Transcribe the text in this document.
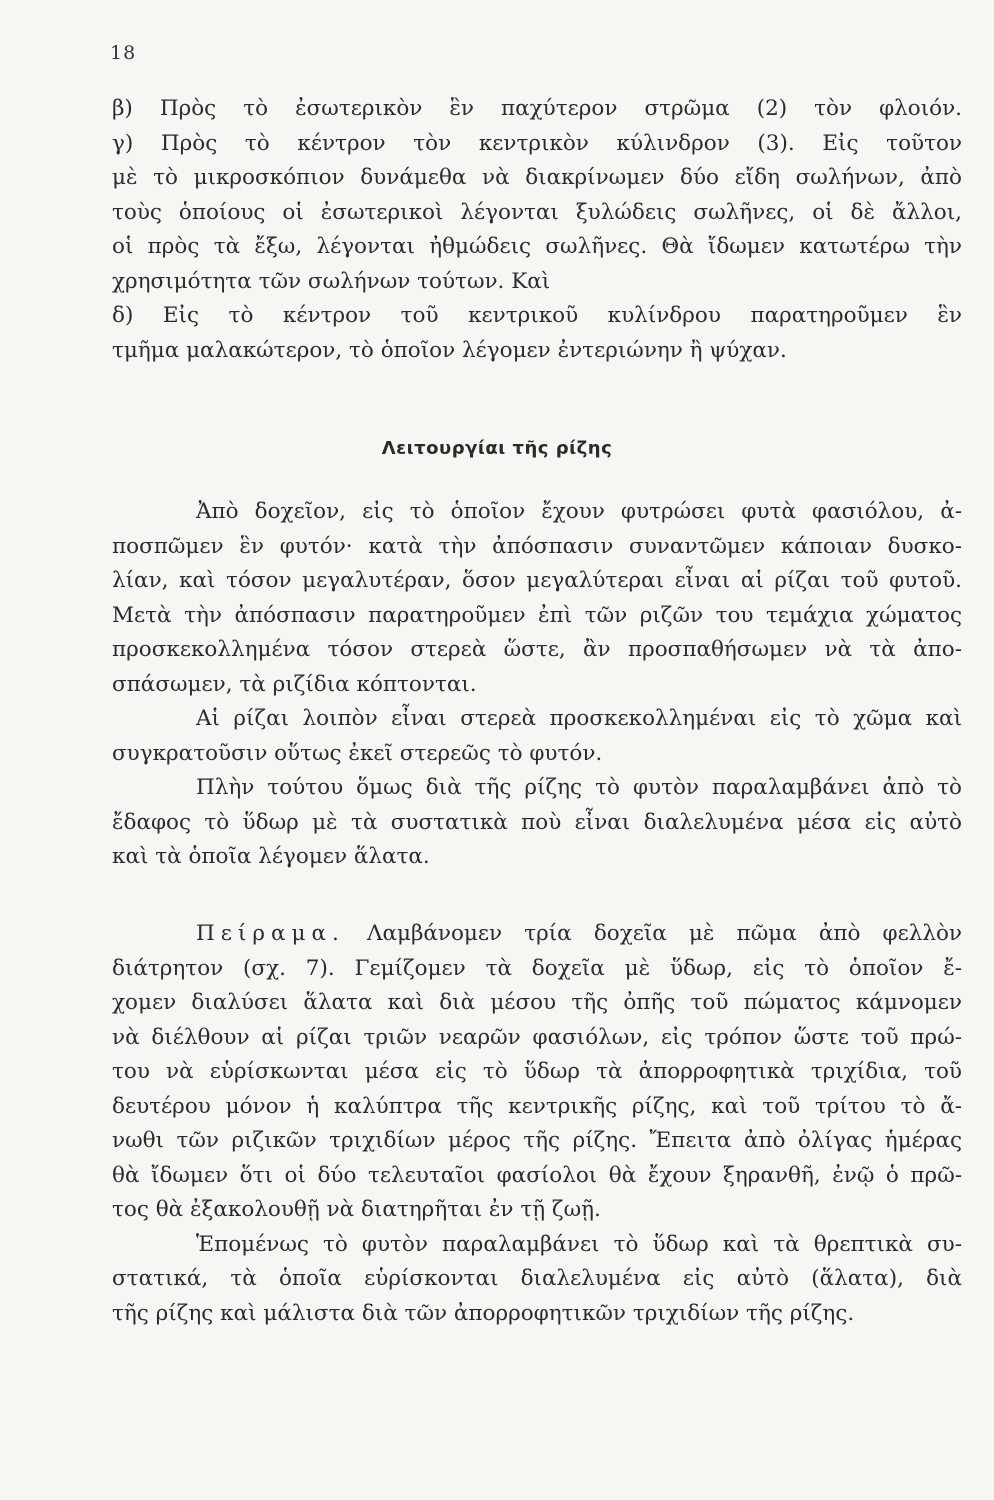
18
β) Πρὸς τὸ ἐσωτερικὸν ἓν παχύτερον στρῶμα (2) τὸν φλοιόν.
γ) Πρὸς τὸ κέντρον τὸν κεντρικὸν κύλινδρον (3). Εἰς τοῦτον
μὲ τὸ μικροσκόπιον δυνάμεθα νὰ διακρίνωμεν δύο εἴδη σωλήνων, ἀπὸ
τοὺς ὁποίους οἱ ἐσωτερικοὶ λέγονται ξυλώδεις σωλῆνες, οἱ δὲ ἄλλοι,
οἱ πρὸς τὰ ἔξω, λέγονται ἠθμώδεις σωλῆνες. Θὰ ἴδωμεν κατωτέρω τὴν
χρησιμότητα τῶν σωλήνων τούτων. Καὶ
δ) Εἰς τὸ κέντρον τοῦ κεντρικοῦ κυλίνδρου παρατηροῦμεν ἓν
τμῆμα μαλακώτερον, τὸ ὁποῖον λέγομεν ἐντεριώνην ἢ ψύχαν.
Λειτουργίαι τῆς ρίζης
Ἀπὸ δοχεῖον, εἰς τὸ ὁποῖον ἔχουν φυτρώσει φυτὰ φασιόλου, ἀ-
ποσπῶμεν ἓν φυτόν· κατὰ τὴν ἀπόσπασιν συναντῶμεν κάποιαν δυσκο-
λίαν, καὶ τόσον μεγαλυτέραν, ὅσον μεγαλύτεραι εἶναι αἱ ρίζαι τοῦ φυτοῦ.
Μετὰ τὴν ἀπόσπασιν παρατηροῦμεν ἐπὶ τῶν ριζῶν του τεμάχια χώματος
προσκεκολλημένα τόσον στερεὰ ὥστε, ἂν προσπαθήσωμεν νὰ τὰ ἀπο-
σπάσωμεν, τὰ ριζίδια κόπτονται.
Αἱ ρίζαι λοιπὸν εἶναι στερεὰ προσκεκολλημέναι εἰς τὸ χῶμα καὶ
συγκρατοῦσιν οὕτως ἐκεῖ στερεῶς τὸ φυτόν.
Πλὴν τούτου ὅμως διὰ τῆς ρίζης τὸ φυτὸν παραλαμβάνει ἀπὸ τὸ
ἔδαφος τὸ ὕδωρ μὲ τὰ συστατικὰ ποὺ εἶναι διαλελυμένα μέσα εἰς αὐτὸ
καὶ τὰ ὁποῖα λέγομεν ἅλατα.
Πείραμα. Λαμβάνομεν τρία δοχεῖα μὲ πῶμα ἀπὸ φελλὸν
διάτρητον (σχ. 7). Γεμίζομεν τὰ δοχεῖα μὲ ὕδωρ, εἰς τὸ ὁποῖον ἔ-
χομεν διαλύσει ἅλατα καὶ διὰ μέσου τῆς ὀπῆς τοῦ πώματος κάμνομεν
νὰ διέλθουν αἱ ρίζαι τριῶν νεαρῶν φασιόλων, εἰς τρόπον ὥστε τοῦ πρώ-
του νὰ εὑρίσκωνται μέσα εἰς τὸ ὕδωρ τὰ ἀπορροφητικὰ τριχίδια, τοῦ
δευτέρου μόνον ἡ καλύπτρα τῆς κεντρικῆς ρίζης, καὶ τοῦ τρίτου τὸ ἄ-
νωθι τῶν ριζικῶν τριχιδίων μέρος τῆς ρίζης. Ἔπειτα ἀπὸ ὀλίγας ἡμέρας
θὰ ἴδωμεν ὅτι οἱ δύο τελευταῖοι φασίολοι θὰ ἔχουν ξηρανθῆ, ἐνῷ ὁ πρῶ-
τος θὰ ἐξακολουθῇ νὰ διατηρῆται ἐν τῇ ζωῇ.
Ἑπομένως τὸ φυτὸν παραλαμβάνει τὸ ὕδωρ καὶ τὰ θρεπτικὰ συ-
στατικά, τὰ ὁποῖα εὑρίσκονται διαλελυμένα εἰς αὐτὸ (ἅλατα), διὰ
τῆς ρίζης καὶ μάλιστα διὰ τῶν ἀπορροφητικῶν τριχιδίων τῆς ρίζης.
